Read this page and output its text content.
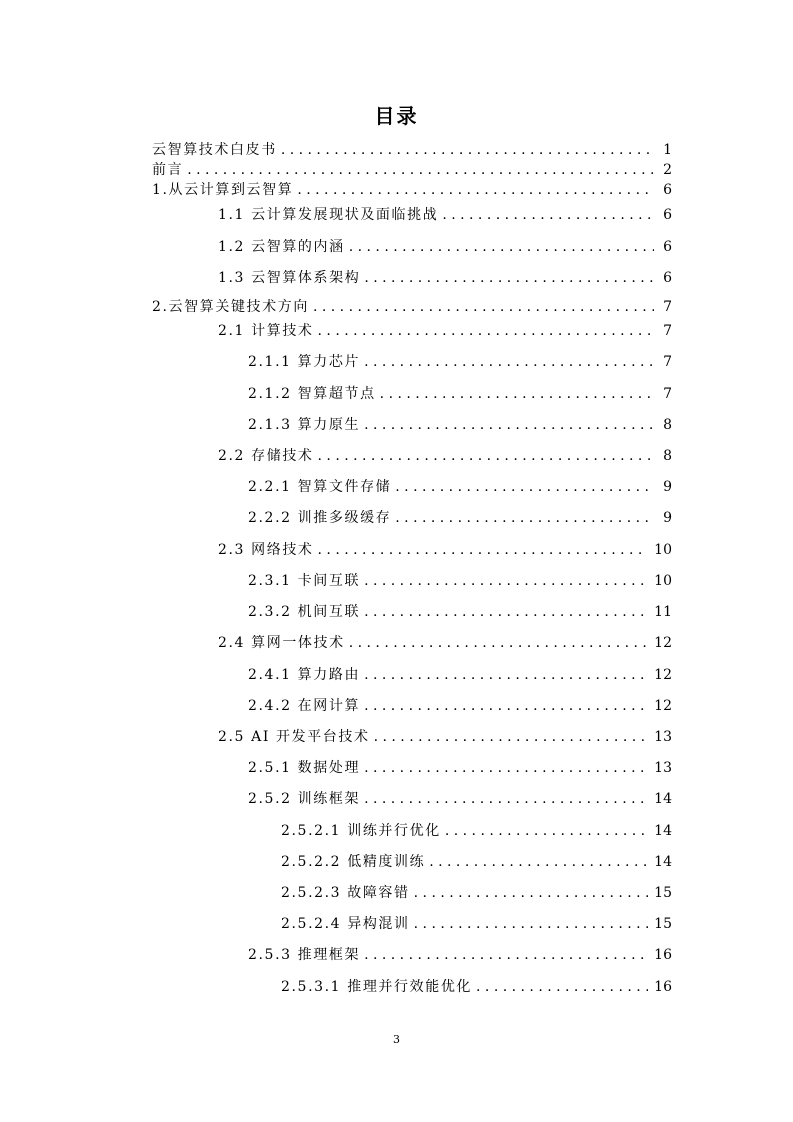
目录
云智算技术白皮书 . . .	1
前言 . . .	2
1.从云计算到云智算 . . .	6
1.1 云计算发展现状及面临挑战 . . .	6
1.2 云智算的内涵 . . .	6
1.3 云智算体系架构 . . .	6
2.云智算关键技术方向 . . .	7
2.1 计算技术 . . .	7
2.1.1 算力芯片 . . .	7
2.1.2 智算超节点 . . .	7
2.1.3 算力原生 . . .	8
2.2 存储技术 . . .	8
2.2.1 智算文件存储 . . .	9
2.2.2 训推多级缓存 . . .	9
2.3 网络技术 . . .	10
2.3.1 卡间互联 . . .	10
2.3.2 机间互联 . . .	11
2.4 算网一体技术 . . .	12
2.4.1 算力路由 . . .	12
2.4.2 在网计算 . . .	12
2.5 AI 开发平台技术 . . .	13
2.5.1 数据处理 . . .	13
2.5.2 训练框架 . . .	14
2.5.2.1 训练并行优化 . . .	14
2.5.2.2 低精度训练 . . .	14
2.5.2.3 故障容错 . . .	15
2.5.2.4 异构混训 . . .	15
2.5.3 推理框架 . . .	16
2.5.3.1 推理并行效能优化 . . .	16
3
